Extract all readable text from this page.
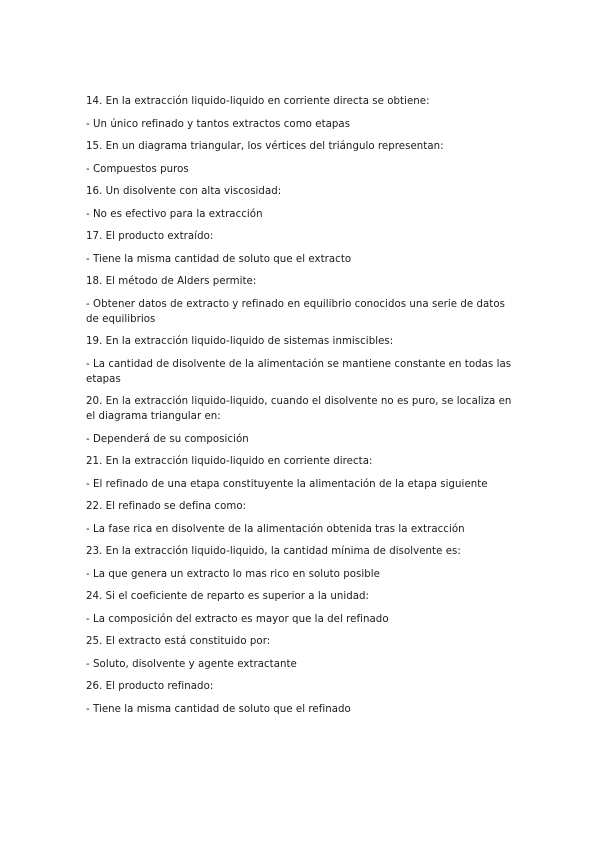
14. En la extracción liquido-liquido en corriente directa se obtiene:

- Un único refinado y tantos extractos como etapas

15. En un diagrama triangular, los vértices del triángulo representan:

- Compuestos puros

16. Un disolvente con alta viscosidad:

- No es efectivo para la extracción

17. El producto extraído:

- Tiene la misma cantidad de soluto que el extracto

18. El método de Alders permite:

- Obtener datos de extracto y refinado en equilibrio conocidos una serie de datos de equilibrios

19. En la extracción liquido-liquido de sistemas inmiscibles:

- La cantidad de disolvente de la alimentación se mantiene constante en todas las etapas

20. En la extracción liquido-liquido, cuando el disolvente no es puro, se localiza en el diagrama triangular en:

- Dependerá de su composición

21. En la extracción liquido-liquido en corriente directa:

- El refinado de una etapa constituyente la alimentación de la etapa siguiente

22. El refinado se defina como:

- La fase rica en disolvente de la alimentación obtenida tras la extracción

23. En la extracción liquido-liquido, la cantidad mínima de disolvente es:

- La que genera un extracto lo mas rico en soluto posible

24. Si el coeficiente de reparto es superior a la unidad:

- La composición del extracto es mayor que la del refinado

25. El extracto está constituido por:

- Soluto, disolvente y agente extractante

26. El producto refinado:

- Tiene la misma cantidad de soluto que el refinado
